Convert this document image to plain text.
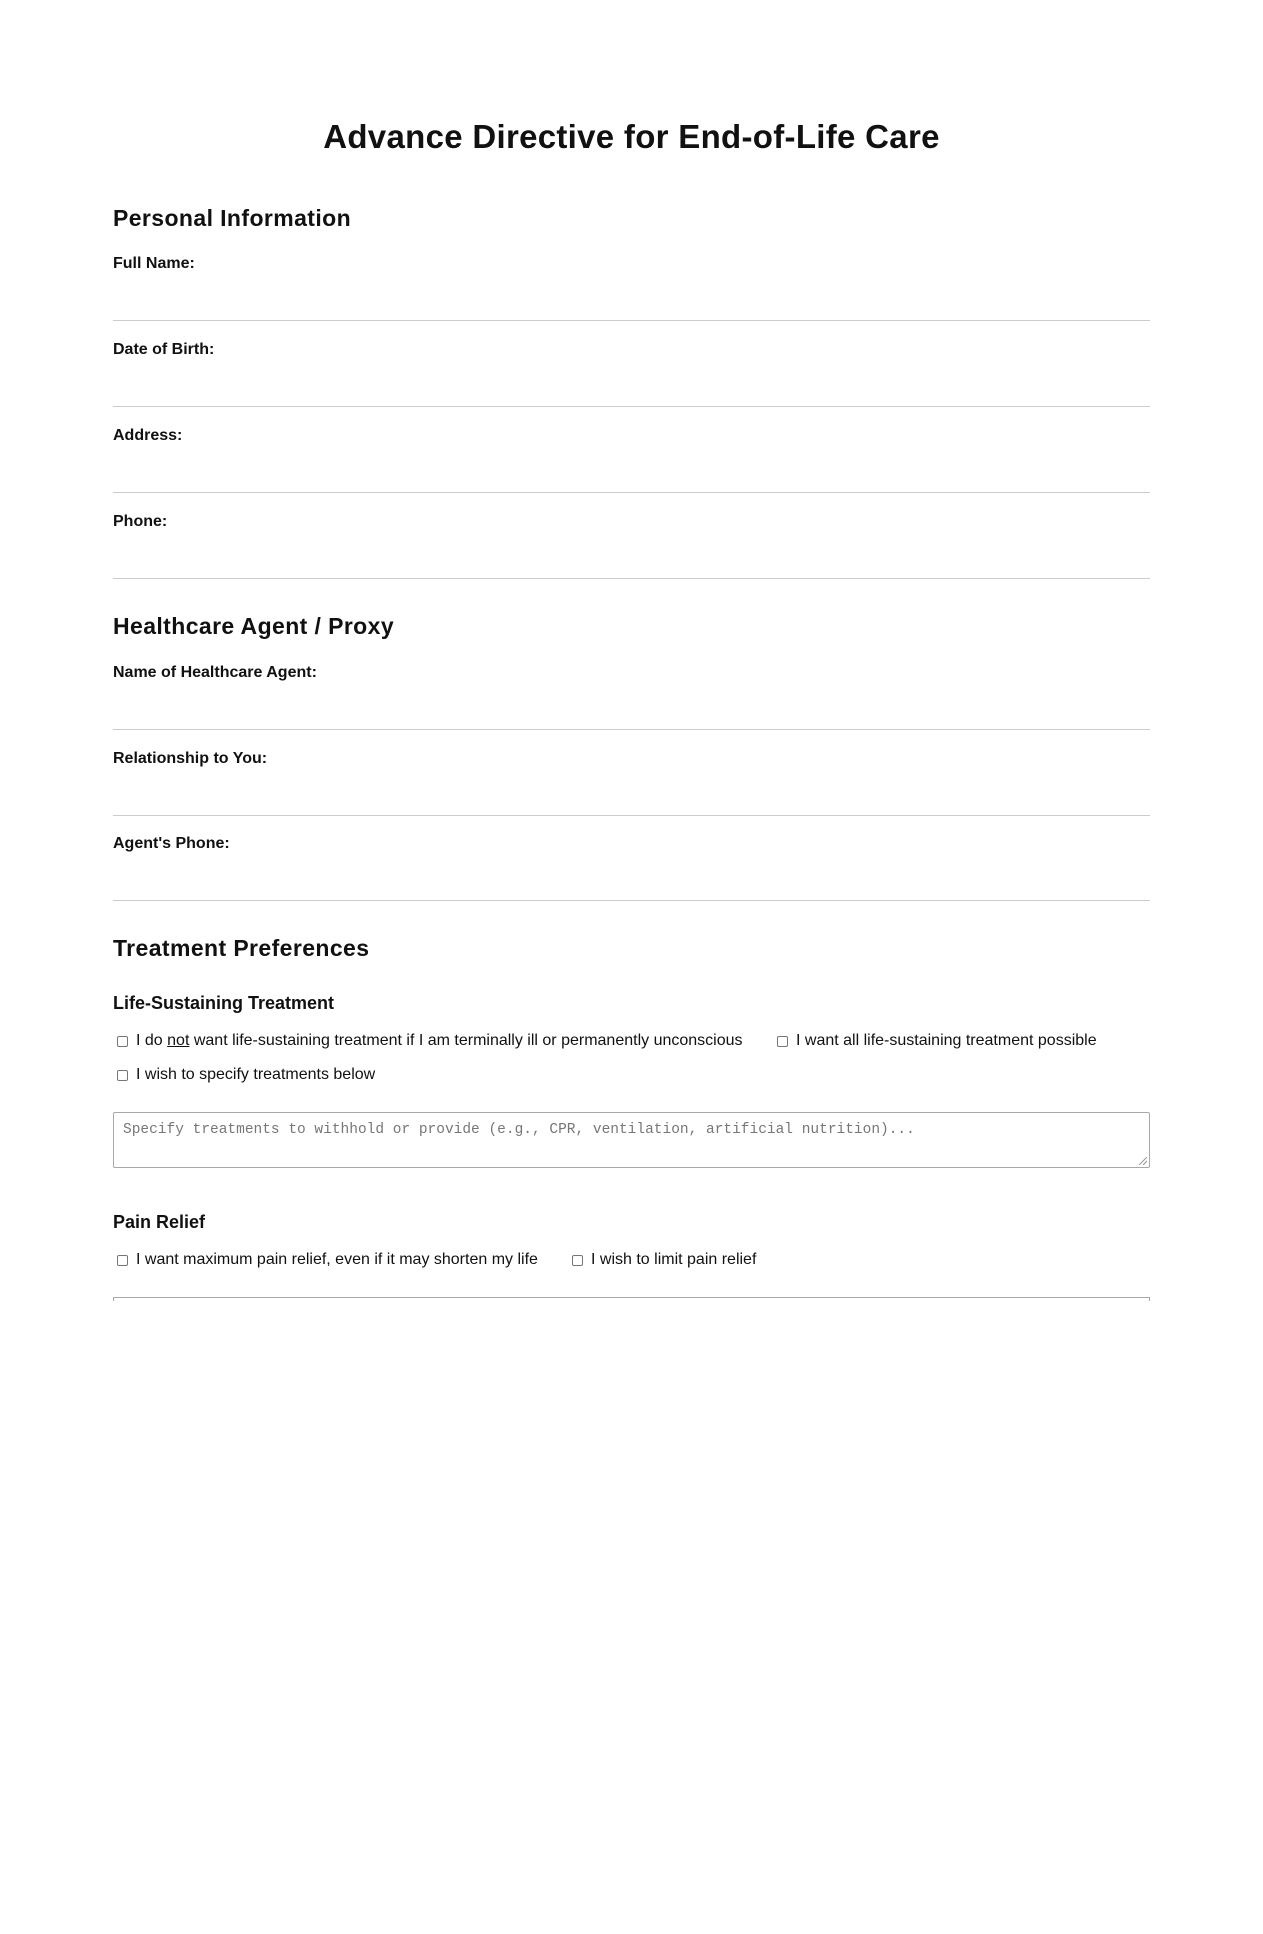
Advance Directive for End-of-Life Care
Personal Information
Full Name:
Date of Birth:
Address:
Phone:
Healthcare Agent / Proxy
Name of Healthcare Agent:
Relationship to You:
Agent's Phone:
Treatment Preferences
Life-Sustaining Treatment
I do not want life-sustaining treatment if I am terminally ill or permanently unconscious	I want all life-sustaining treatment possible
I wish to specify treatments below
Specify treatments to withhold or provide (e.g., CPR, ventilation, artificial nutrition)...
Pain Relief
I want maximum pain relief, even if it may shorten my life	I wish to limit pain relief
